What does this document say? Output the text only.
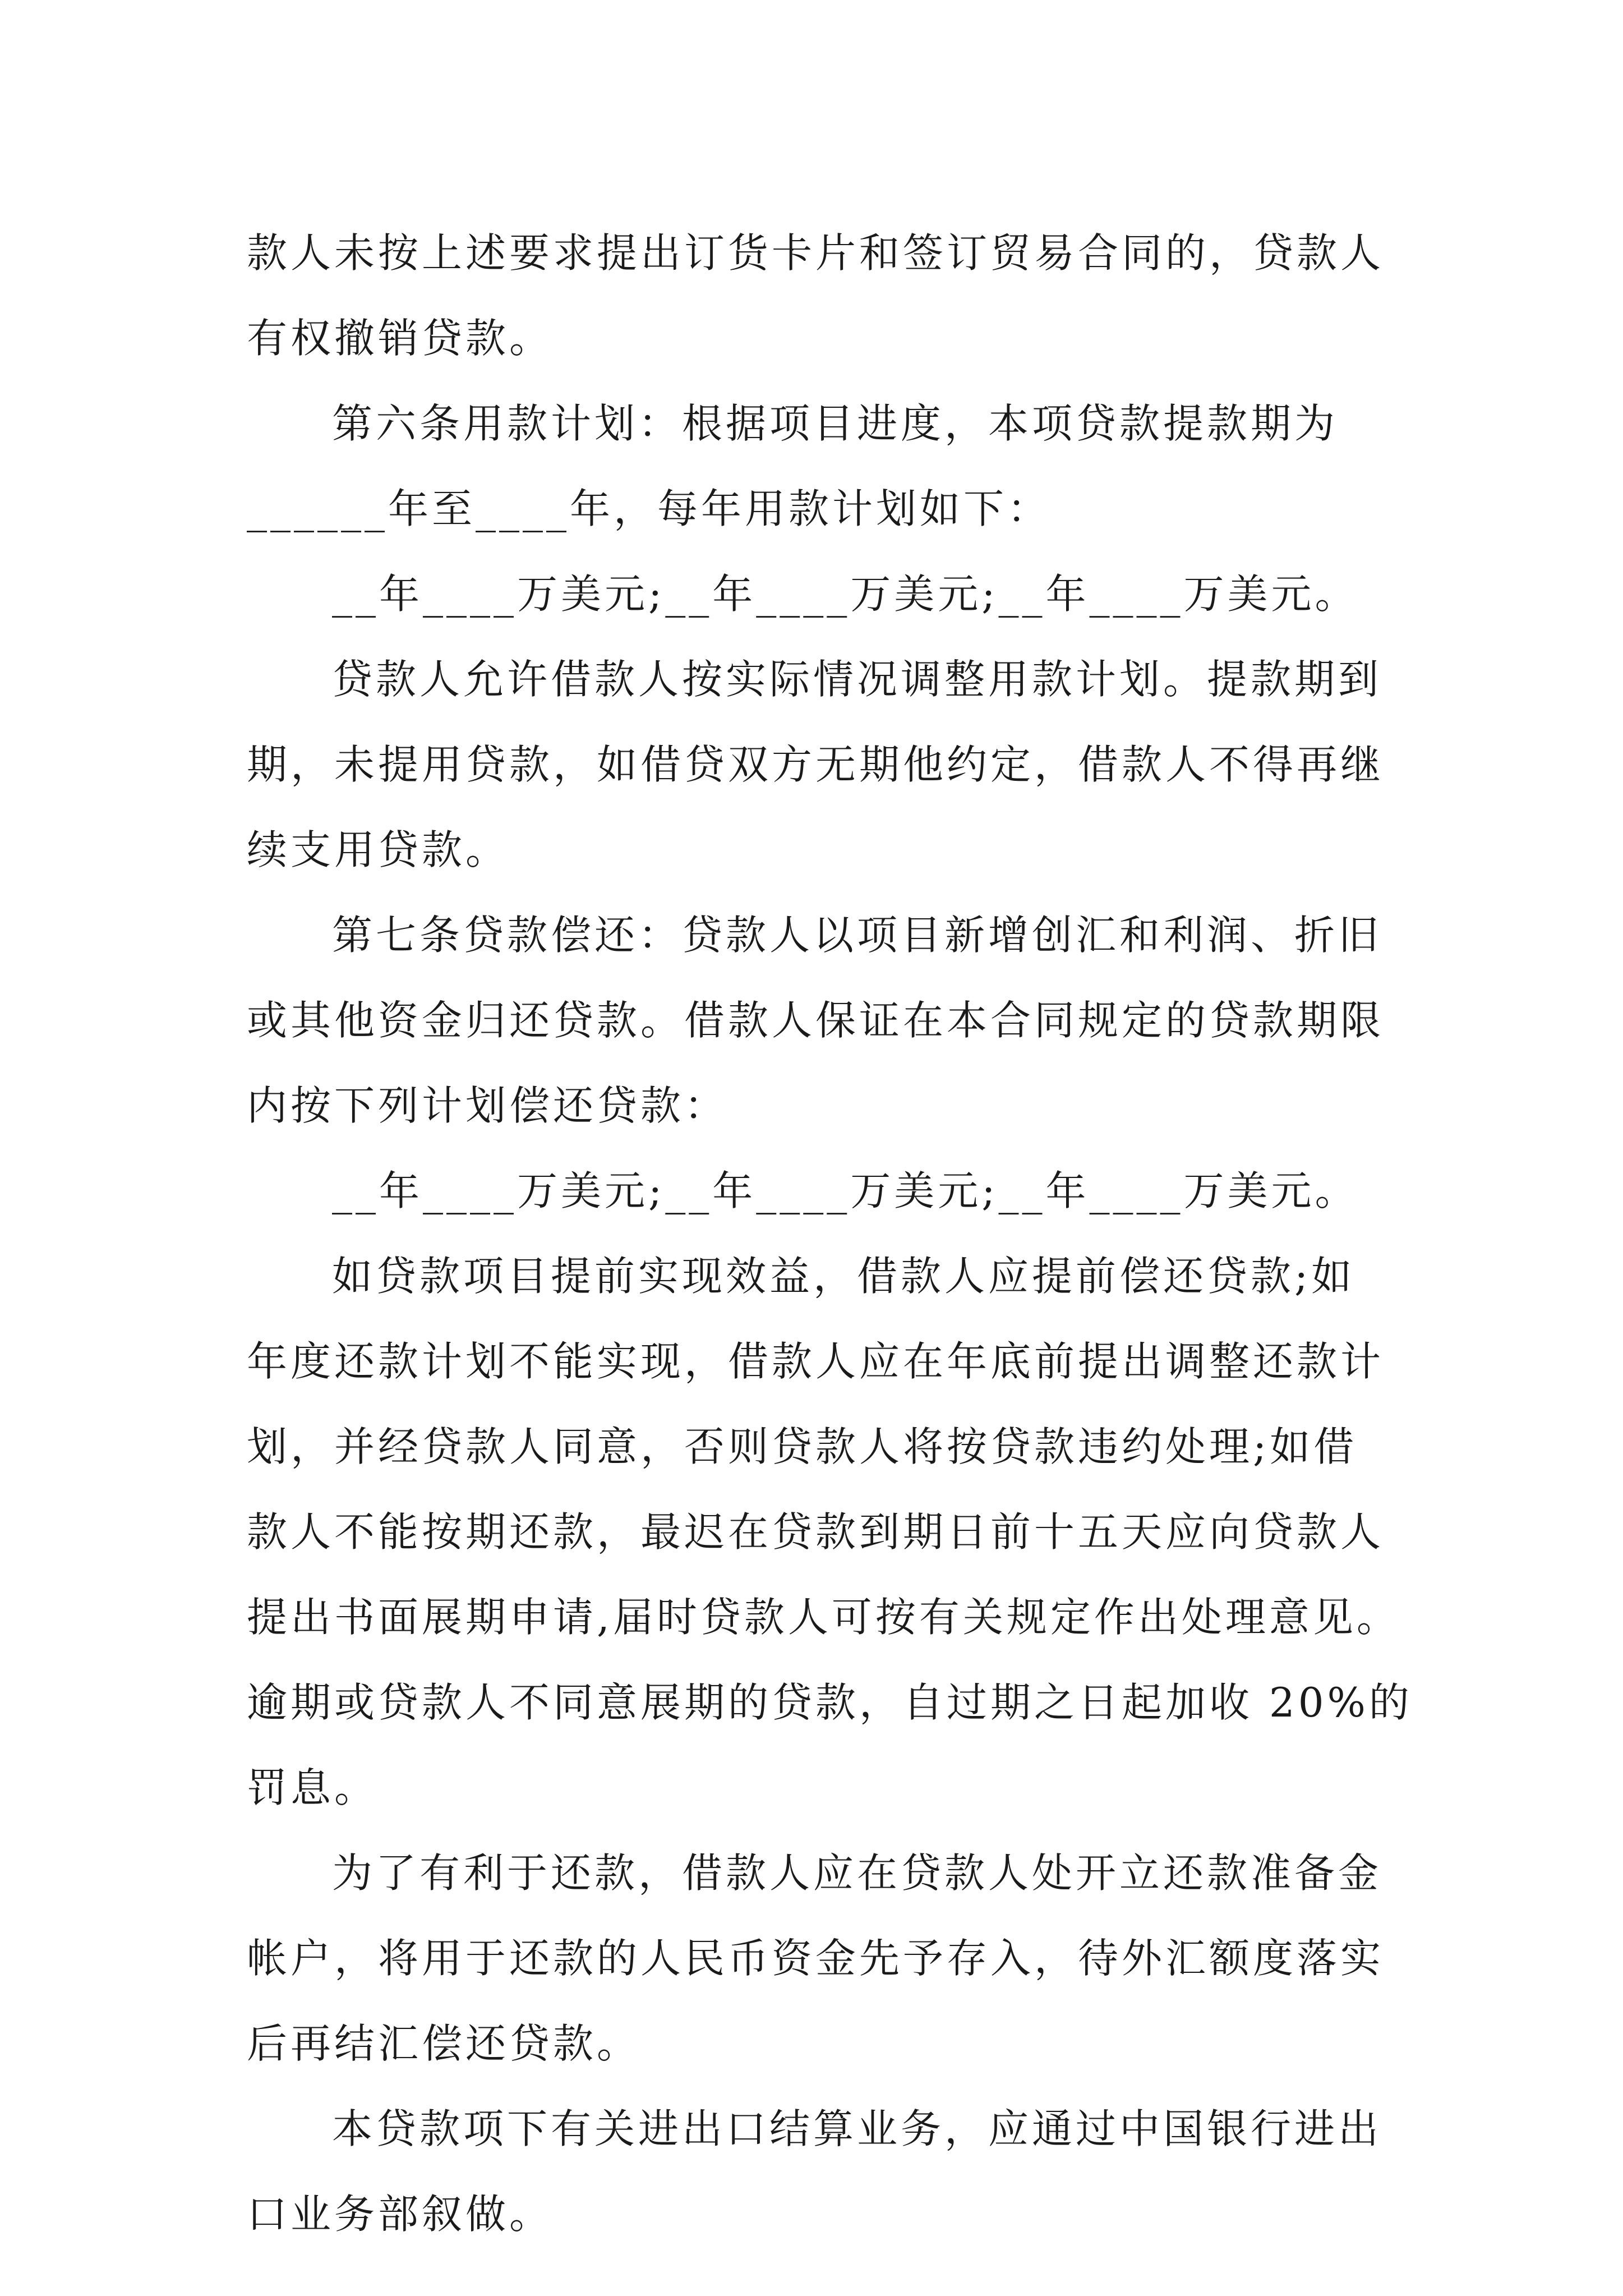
款人未按上述要求提出订货卡片和签订贸易合同的，贷款人
有权撤销贷款。
第六条用款计划：根据项目进度，本项贷款提款期为
______年至____年，每年用款计划如下：
__年____万美元;__年____万美元;__年____万美元。
贷款人允许借款人按实际情况调整用款计划。提款期到
期，未提用贷款，如借贷双方无期他约定，借款人不得再继
续支用贷款。
第七条贷款偿还：贷款人以项目新增创汇和利润、折旧
或其他资金归还贷款。借款人保证在本合同规定的贷款期限
内按下列计划偿还贷款：
__年____万美元;__年____万美元;__年____万美元。
如贷款项目提前实现效益，借款人应提前偿还贷款;如
年度还款计划不能实现，借款人应在年底前提出调整还款计
划，并经贷款人同意，否则贷款人将按贷款违约处理;如借
款人不能按期还款，最迟在贷款到期日前十五天应向贷款人
提出书面展期申请,届时贷款人可按有关规定作出处理意见。
逾期或贷款人不同意展期的贷款，自过期之日起加收 20%的
罚息。
为了有利于还款，借款人应在贷款人处开立还款准备金
帐户，将用于还款的人民币资金先予存入，待外汇额度落实
后再结汇偿还贷款。
本贷款项下有关进出口结算业务，应通过中国银行进出
口业务部叙做。
